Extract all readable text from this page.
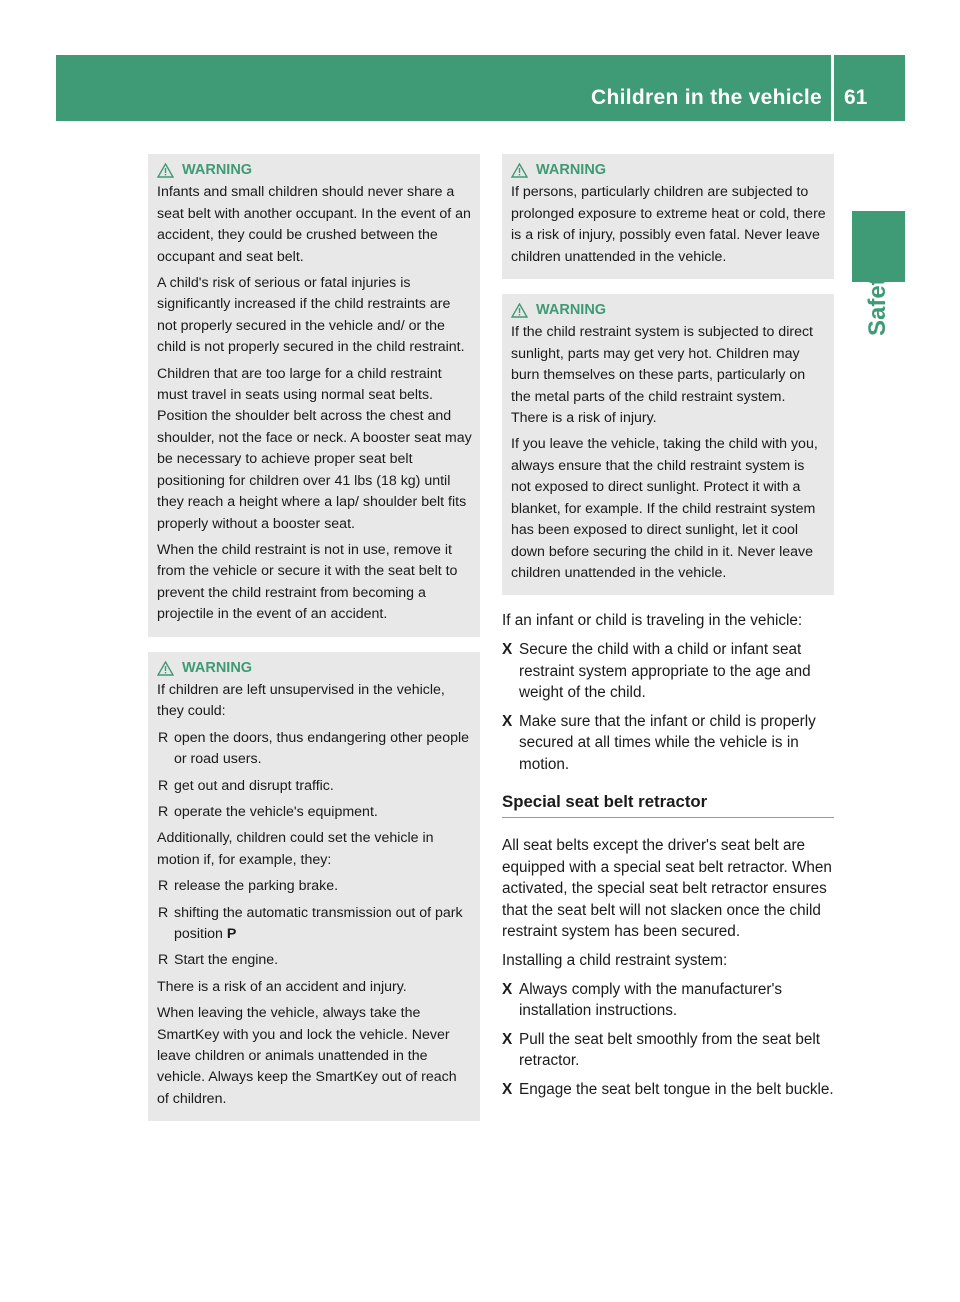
Children in the vehicle 61
Safety
WARNING

Infants and small children should never share a seat belt with another occupant. In the event of an accident, they could be crushed between the occupant and seat belt.

A child's risk of serious or fatal injuries is significantly increased if the child restraints are not properly secured in the vehicle and/ or the child is not properly secured in the child restraint.

Children that are too large for a child restraint must travel in seats using normal seat belts. Position the shoulder belt across the chest and shoulder, not the face or neck. A booster seat may be necessary to achieve proper seat belt positioning for children over 41 lbs (18 kg) until they reach a height where a lap/ shoulder belt fits properly without a booster seat.

When the child restraint is not in use, remove it from the vehicle or secure it with the seat belt to prevent the child restraint from becoming a projectile in the event of an accident.

WARNING

If children are left unsupervised in the vehicle, they could:

R open the doors, thus endangering other people or road users.
R get out and disrupt traffic.
R operate the vehicle's equipment.

Additionally, children could set the vehicle in motion if, for example, they:

R release the parking brake.
R shifting the automatic transmission out of park position P
R Start the engine.

There is a risk of an accident and injury.

When leaving the vehicle, always take the SmartKey with you and lock the vehicle. Never leave children or animals unattended in the vehicle. Always keep the SmartKey out of reach of children.

WARNING

If persons, particularly children are subjected to prolonged exposure to extreme heat or cold, there is a risk of injury, possibly even fatal. Never leave children unattended in the vehicle.

WARNING

If the child restraint system is subjected to direct sunlight, parts may get very hot. Children may burn themselves on these parts, particularly on the metal parts of the child restraint system. There is a risk of injury.

If you leave the vehicle, taking the child with you, always ensure that the child restraint system is not exposed to direct sunlight. Protect it with a blanket, for example. If the child restraint system has been exposed to direct sunlight, let it cool down before securing the child in it. Never leave children unattended in the vehicle.

If an infant or child is traveling in the vehicle:

X Secure the child with a child or infant seat restraint system appropriate to the age and weight of the child.
X Make sure that the infant or child is properly secured at all times while the vehicle is in motion.
Special seat belt retractor

All seat belts except the driver's seat belt are equipped with a special seat belt retractor. When activated, the special seat belt retractor ensures that the seat belt will not slacken once the child restraint system has been secured.

Installing a child restraint system:

X Always comply with the manufacturer's installation instructions.
X Pull the seat belt smoothly from the seat belt retractor.
X Engage the seat belt tongue in the belt buckle.
